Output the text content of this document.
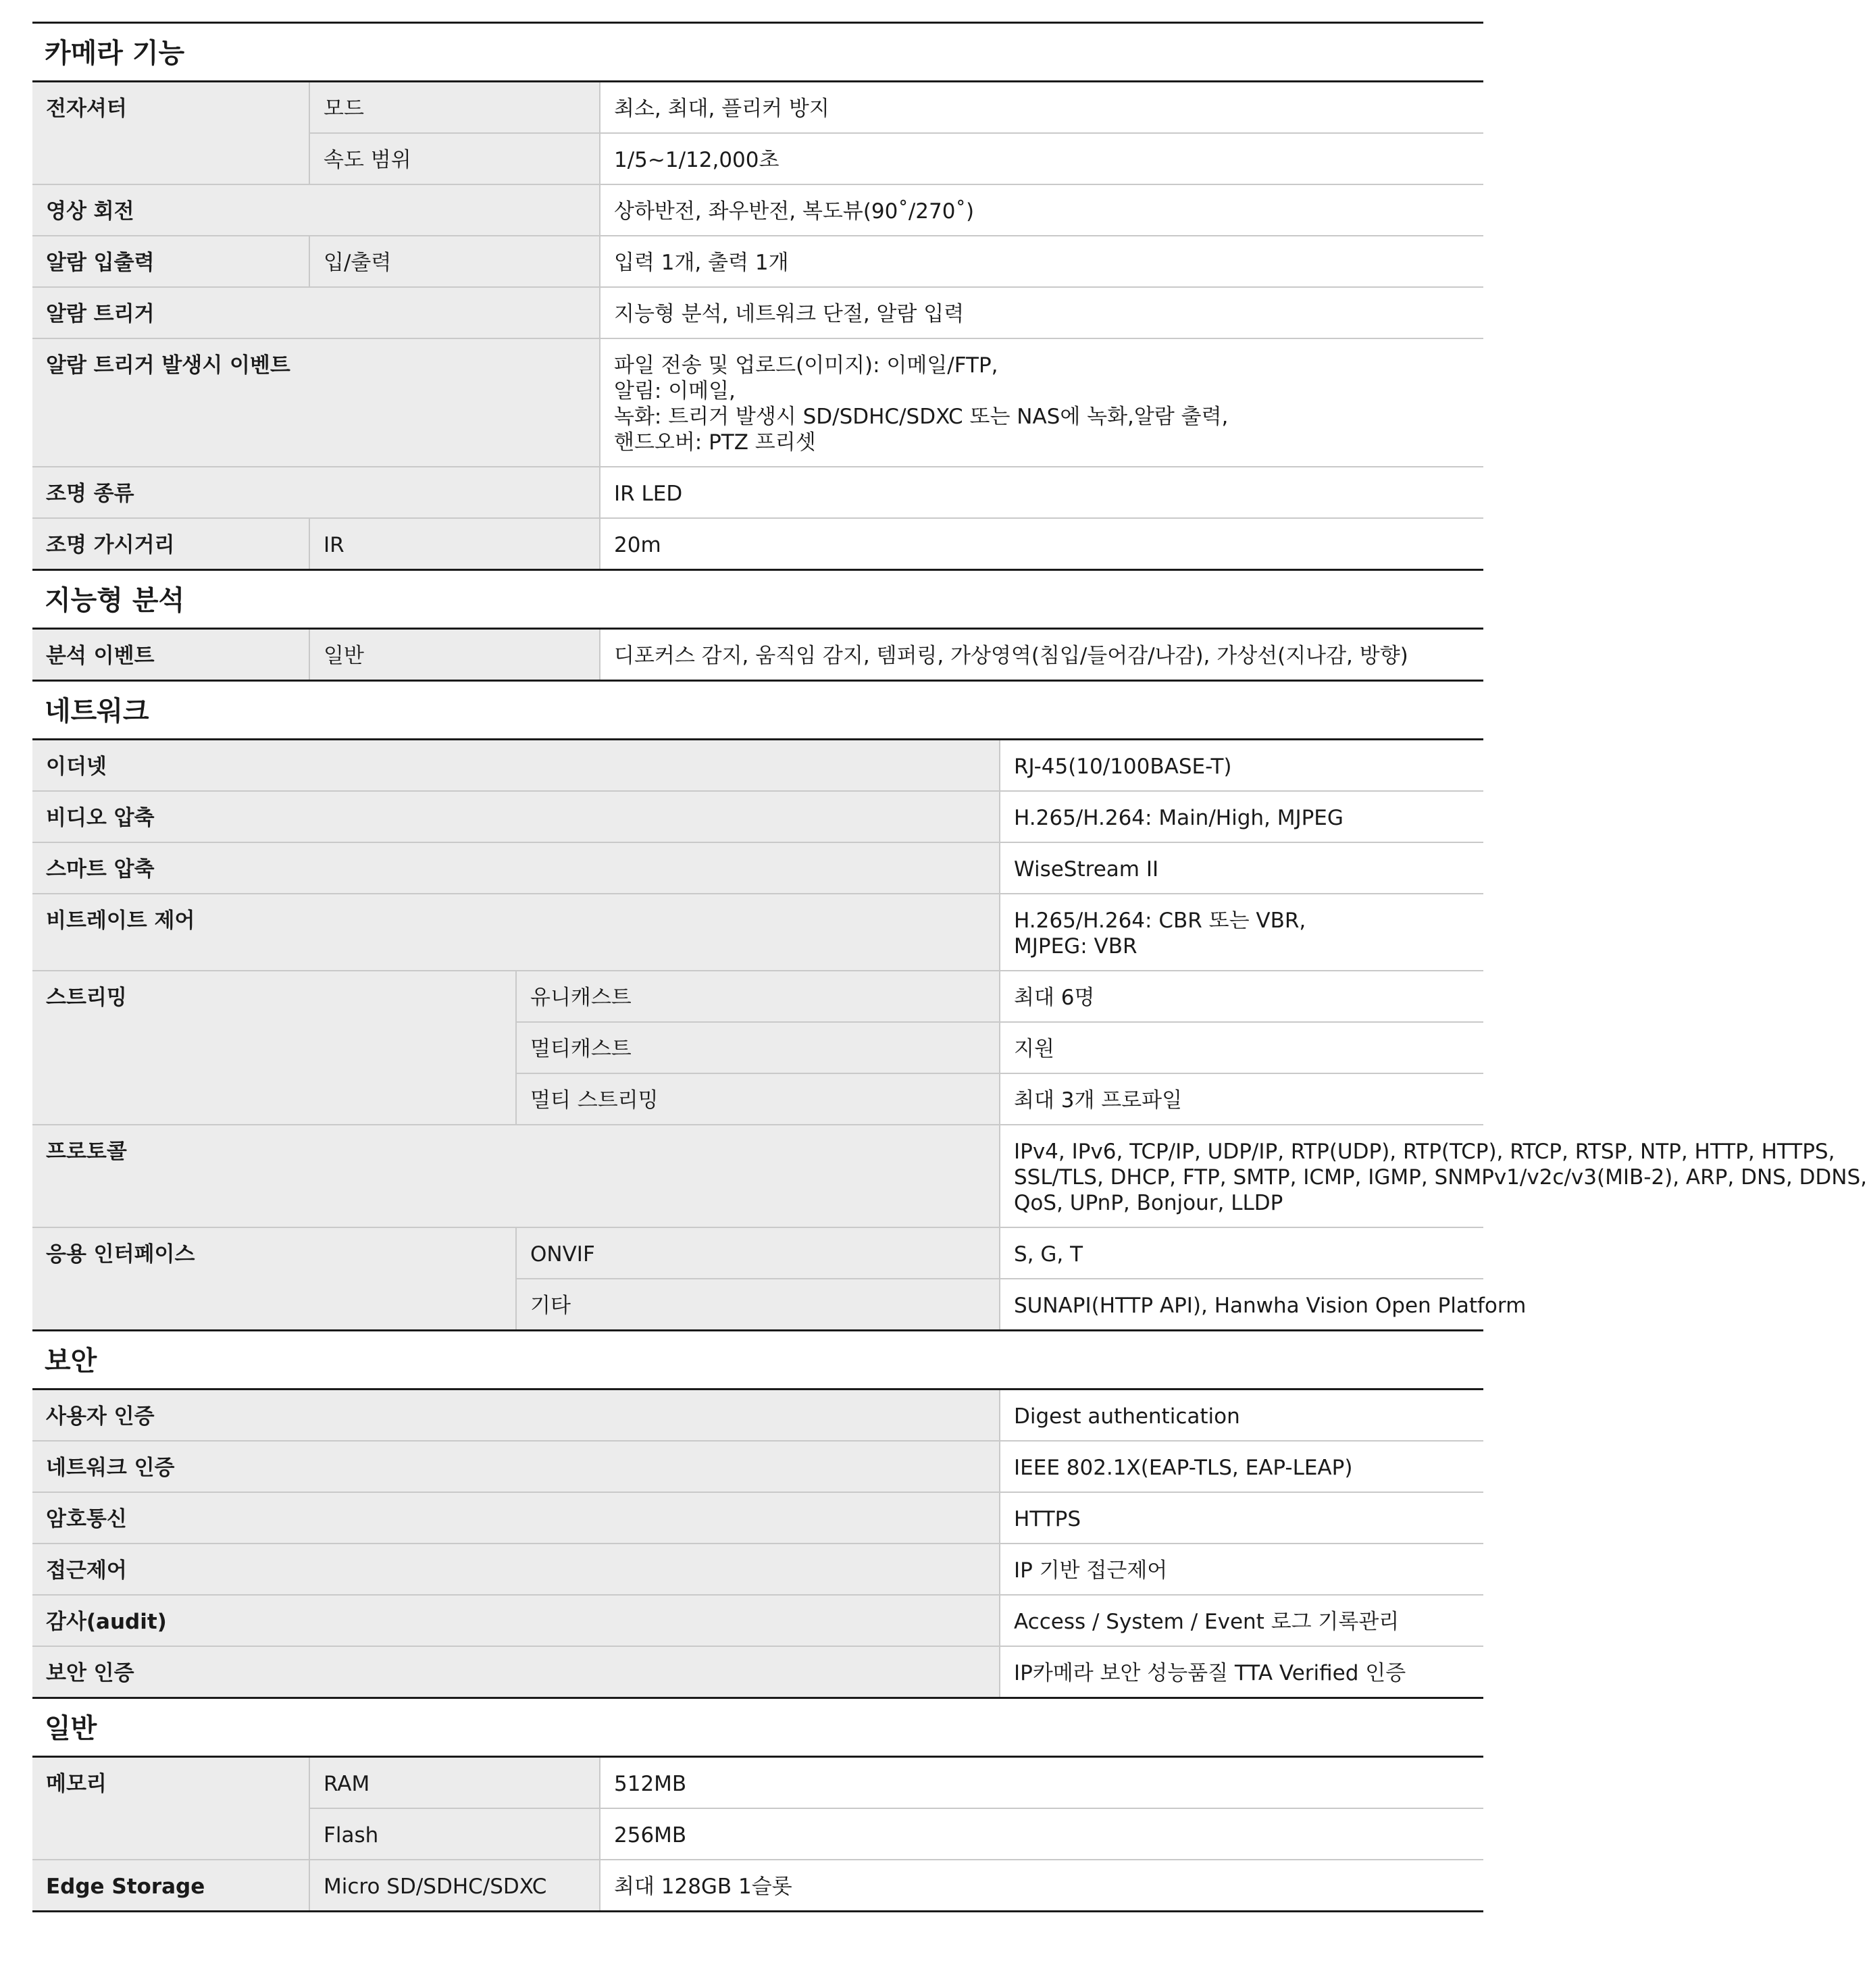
카메라 기능
전자셔터	모드	최소, 최대, 플리커 방지

	속도 범위	1/5~1/12,000초

영상 회전		상하반전, 좌우반전, 복도뷰(90˚/270˚)

알람 입출력	입/출력	입력 1개, 출력 1개

알람 트리거		지능형 분석, 네트워크 단절, 알람 입력

알람 트리거 발생시 이벤트		파일 전송 및 업로드(이미지): 이메일/FTP,
알림: 이메일,
녹화: 트리거 발생시 SD/SDHC/SDXC 또는 NAS에 녹화,알람 출력,
핸드오버: PTZ 프리셋

조명 종류		IR LED

조명 가시거리	IR	20m
지능형 분석
분석 이벤트	일반	디포커스 감지, 움직임 감지, 템퍼링, 가상영역(침입/들어감/나감), 가상선(지나감, 방향)
네트워크
이더넷		RJ-45(10/100BASE-T)

비디오 압축		H.265/H.264: Main/High, MJPEG

스마트 압축		WiseStream II

비트레이트 제어		H.265/H.264: CBR 또는 VBR,
MJPEG: VBR

스트리밍	유니캐스트	최대 6명

	멀티캐스트	지원

	멀티 스트리밍	최대 3개 프로파일

프로토콜		IPv4, IPv6, TCP/IP, UDP/IP, RTP(UDP), RTP(TCP), RTCP, RTSP, NTP, HTTP, HTTPS,
SSL/TLS, DHCP, FTP, SMTP, ICMP, IGMP, SNMPv1/v2c/v3(MIB-2), ARP, DNS, DDNS,
QoS, UPnP, Bonjour, LLDP

응용 인터페이스	ONVIF	S, G, T

	기타	SUNAPI(HTTP API), Hanwha Vision Open Platform
보안
사용자 인증	Digest authentication

네트워크 인증	IEEE 802.1X(EAP-TLS, EAP-LEAP)

암호통신	HTTPS

접근제어	IP 기반 접근제어

감사(audit)	Access / System / Event 로그 기록관리

보안 인증	IP카메라 보안 성능품질 TTA Verified 인증
일반
메모리	RAM	512MB

	Flash	256MB

Edge Storage	Micro SD/SDHC/SDXC	최대 128GB 1슬롯
